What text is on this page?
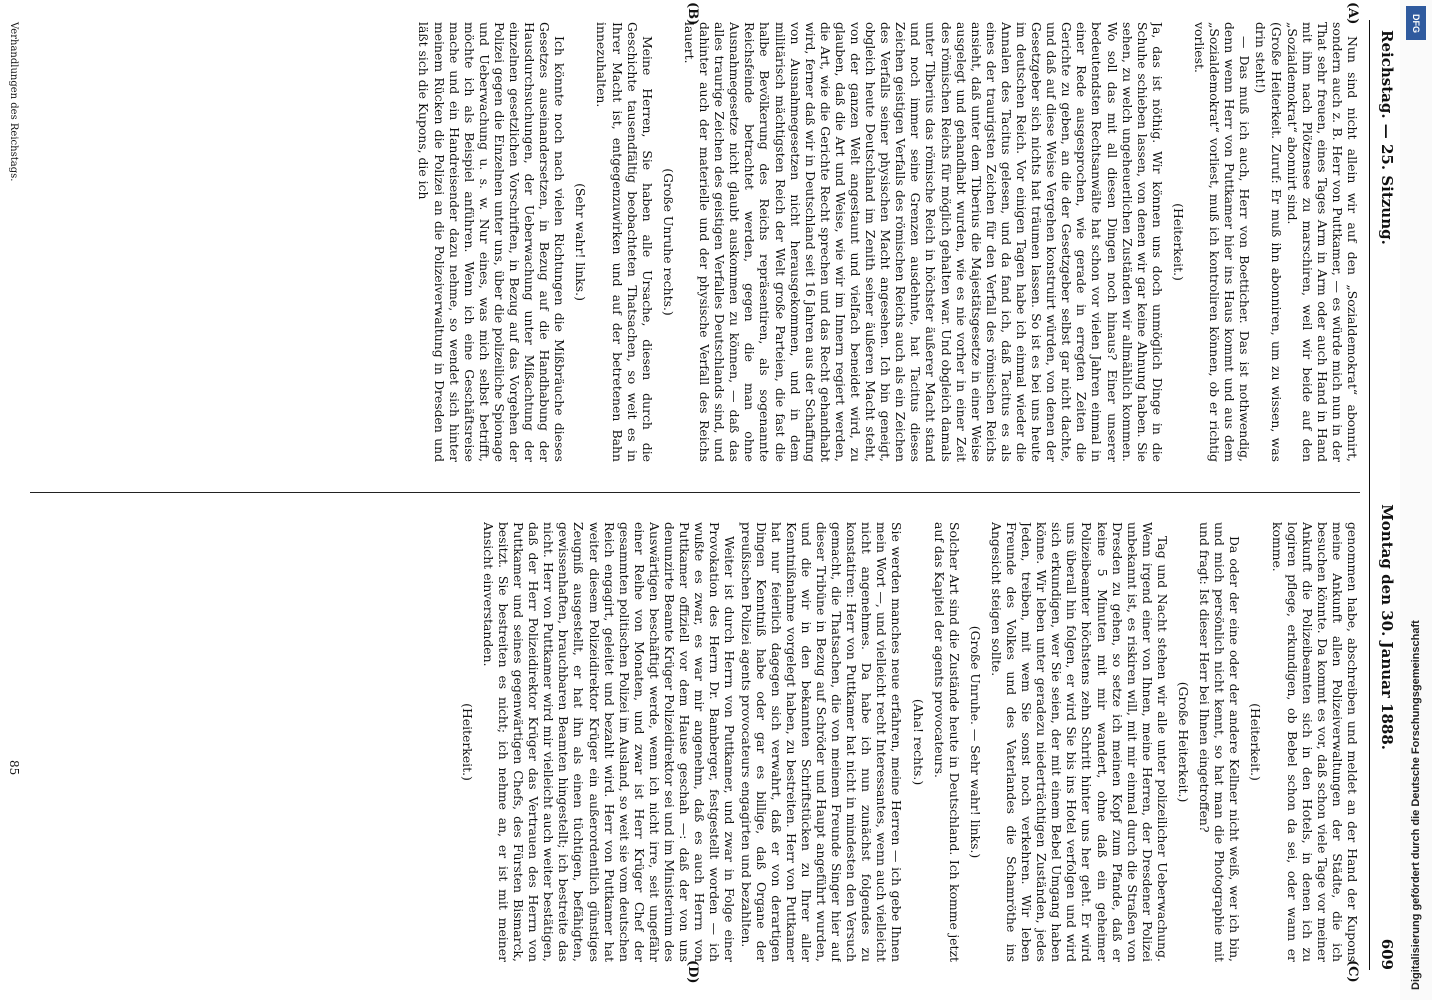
Reichstag. — 25. Sitzung.
Montag den 30. Januar 1888.
609
(A)
(B)
(C)
(D)

Nun sind nicht allein wir auf den „Sozialdemokrat“ abonnirt, sondern auch z. B. Herr von Puttkamer, — es würde mich nun in der That sehr freuen, eines Tages Arm in Arm oder auch Hand in Hand mit ihm nach Plötzensee zu marschiren, weil wir beide auf den „Sozialdemokrat“ abonnirt sind.

(Große Heiterkeit. Zuruf: Er muß ihn abonniren, um zu wissen, was drin steht!)

— Das muß ich auch, Herr von Boetticher. Das ist nothwendig, denn wenn Herr von Puttkamer hier ins Haus kommt und aus dem „Sozialdemokrat“ vorliest, muß ich kontroliren können, ob er richtig vorliest.

(Heiterkeit.)

Ja, das ist nöthig. Wir können uns doch unmöglich Dinge in die Schuhe schieben lassen, von denen wir gar keine Ahnung haben. Sie sehen, zu welch ungeheuerlichen Zuständen wir allmählich kommen. Wo soll das mit all diesen Dingen noch hinaus? Einer unserer bedeutendsten Rechtsanwälte hat schon vor vielen Jahren einmal in einer Rede ausgesprochen, wie gerade in erregten Zeiten die Gerichte zu geben, an die der Gesetzgeber selbst gar nicht dachte, und daß auf diese Weise Vergehen konstruirt würden, von denen der Gesetzgeber sich nichts hat träumen lassen. So ist es bei uns heute im deutschen Reich. Vor einigen Tagen habe ich einmal wieder die Annalen des Tacitus gelesen, und da fand ich, daß Tacitus es als eines der traurigsten Zeichen für den Verfall des römischen Reichs ansieht, daß unter dem Tiberius die Majestätsgesetze in einer Weise ausgelegt und gehandhabt wurden, wie es nie vorher in einer Zeit des römischen Reichs für möglich gehalten war. Und obgleich damals unter Tiberius das römische Reich in höchster äußerer Macht stand und noch immer seine Grenzen ausdehnte, hat Tacitus dieses Zeichen geistigen Verfalls des römischen Reichs auch als ein Zeichen des Verfalls seiner physischen Macht angesehen. Ich bin geneigt, obgleich heute Deutschland im Zenith seiner äußeren Macht steht, von der ganzen Welt angestaunt und vielfach beneidet wird, zu glauben, daß die Art und Weise, wie wir im Innern regiert werden, die Art, wie die Gerichte Recht sprechen und das Recht gehandhabt wird, ferner daß wir in Deutschland seit 16 Jahren aus der Schaffung von Ausnahmegesetzen nicht herausgekommen, und in dem militärisch mächtigsten Reich der Welt große Parteien, die fast die halbe Bevölkerung des Reichs repräsentiren, als sogenannte Reichsfeinde betrachtet werden, gegen die man ohne Ausnahmegesetze nicht glaubt auskommen zu können, — daß das alles traurige Zeichen des geistigen Verfalles Deutschlands sind, und dahinter auch der materielle und der physische Verfall des Reichs lauert.

(Große Unruhe rechts.)

Meine Herren, Sie haben alle Ursache, diesen durch die Geschichte tausendfältig beobachteten Thatsachen, so weit es in Ihrer Macht ist, entgegenzuwirken und auf der betretenen Bahn innezuhalten.

(Sehr wahr! links.)

Ich könnte noch nach vielen Richtungen die Mißbräuche dieses Gesetzes auseinandersetzen, in Bezug auf die Handhabung der Hausdurchsuchungen, der Ueberwachung unter Mißachtung der einzelnen gesetzlichen Vorschriften, in Bezug auf das Vorgehen der Polizei gegen die Einzelnen unter uns, über die polizeiliche Spionage und Ueberwachung u. s. w. Nur eines, was mich selbst betrifft, möchte ich als Beispiel anführen. Wenn ich eine Geschäftsreise mache und ein Handreisender dazu nehme, so wendet sich hinter meinem Rücken die Polizei an die Polizeiverwaltung in Dresden und läßt sich die Kupons, die ich

genommen habe, abschreiben und meldet an der Hand der Kupons meine Ankunft allen Polizeiverwaltungen der Städte, die ich besuchen könnte. Da kommt es vor, daß schon viele Tage vor meiner Ankunft die Polizeibeamten sich in den Hotels, in denen ich zu logiren pflege, erkundigen, ob Bebel schon da sei, oder wann er komme.

(Heiterkeit.)

Da oder der eine oder der andere Kellner nicht weiß, wer ich bin, und mich persönlich nicht kennt, so hat man die Photographie mit und fragt: Ist dieser Herr bei Ihnen eingetroffen?

(Große Heiterkeit.)

Tag und Nacht stehen wir alle unter polizeilicher Ueberwachung. Wenn irgend einer von Ihnen, meine Herren, der Dresdener Polizei unbekannt ist, es riskiren will, mit mir einmal durch die Straßen von Dresden zu gehen, so setze ich meinen Kopf zum Pfande, daß er keine 5 Minuten mit mir wandert, ohne daß ein geheimer Polizeibeamter höchstens zehn Schritt hinter uns her geht. Er wird uns überall hin folgen, er wird Sie bis ins Hotel verfolgen und wird sich erkundigen, wer Sie seien, der mit einem Bebel Umgang haben könne. Wir leben unter geradezu niederträchtigen Zuständen, jedes Jeden, treiben, mit wem Sie sonst noch verkehren. Wir leben Freunde des Volkes und des Vaterlandes die Schamröthe ins Angesicht steigen sollte.

(Große Unruhe. — Sehr wahr! links.)

Solcher Art sind die Zustände heute in Deutschland. Ich komme jetzt auf das Kapitel der agents provocateurs.

(Aha! rechts.)

Sie werden manches neue erfahren, meine Herren — ich gebe Ihnen mein Wort —, und vielleicht recht Interessantes, wenn auch vielleicht nicht angenehmes. Da habe ich nun zunächst folgendes zu konstatiren: Herr von Puttkamer hat nicht in mindesten den Versuch gemacht, die Thatsachen, die von meinem Freunde Singer hier auf dieser Tribüne in Bezug auf Schröder und Haupt angeführt wurden, und die wir in den bekannten Schriftstücken zu Ihrer aller Kenntnißnahme vorgelegt haben, zu bestreiten. Herr von Puttkamer hat nur feierlich dagegen sich verwahrt, daß er von derartigen Dingen Kenntniß habe oder gar es billige, daß Organe der preußischen Polizei agents provocateurs engagirten und bezahlten.

Weiter ist durch Herrn von Puttkamer, und zwar in Folge einer Provokation des Herrn Dr. Bamberger, festgestellt worden — ich wußte es zwar, es war mir angenehm, daß es auch Herrn von Puttkamer offiziell vor dem Hause geschah —: daß der von uns denunzirte Beamte Krüger Polizeidirektor sei und im Ministerium des Auswärtigen beschäftigt werde, wenn ich nicht irre, seit ungefähr einer Reihe von Monaten, und zwar ist Herr Krüger Chef der gesammten politischen Polizei im Ausland, so weit sie vom deutschen Reich engagirt, geleitet und bezahlt wird. Herr von Puttkamer hat weiter diesem Polizeidirektor Krüger ein außerordentlich günstiges Zeugniß ausgestellt, er hat ihn als einen tüchtigen, befähigten, gewissenhaften, brauchbaren Beamten hingestellt; ich bestreite das nicht. Herr von Puttkamer wird mir vielleicht auch weiter bestätigen, daß der Herr Polizeidirektor Krüger das Vertrauen des Herrn von Puttkamer und seines gegenwärtigen Chefs, des Fürsten Bismarck, besitzt. Sie bestreiten es nicht; ich nehme an, er ist mit meiner Ansicht einverstanden.

(Heiterkeit.)

Verhandlungen des Reichstags.
85	Digitalisierung gefördert durch die Deutsche Forschungsgemeinschaft
DFG
